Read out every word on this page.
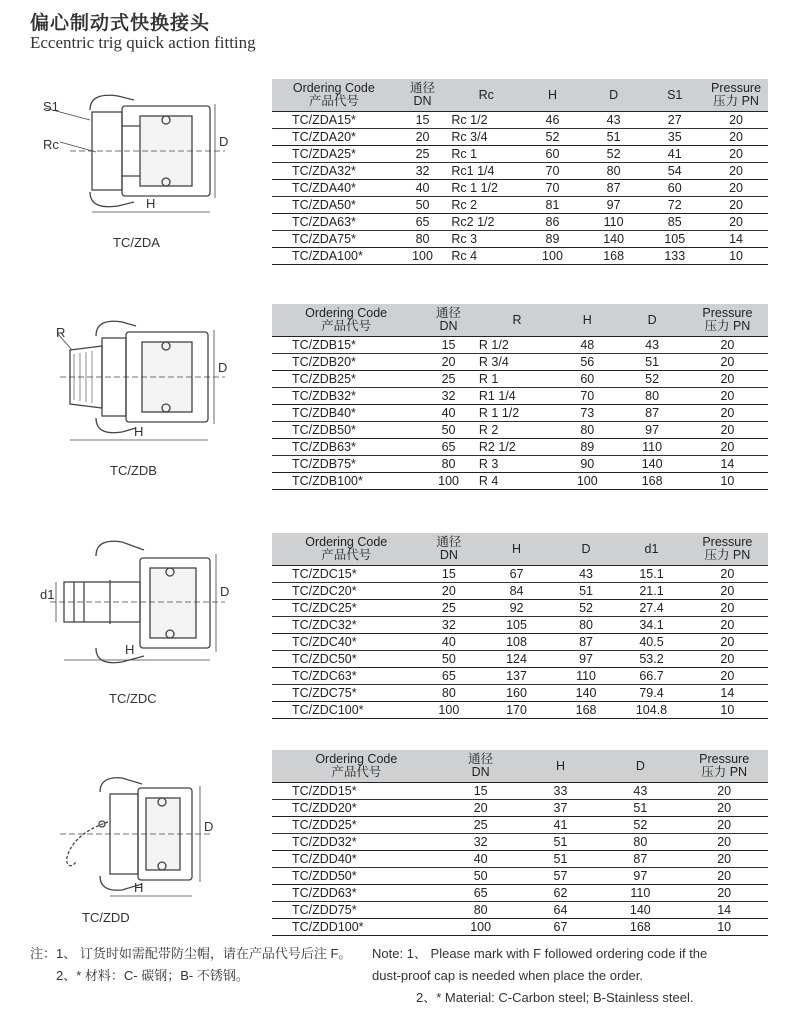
偏心制动式快换接头
Eccentric trig quick action fitting
S1
Rc	D
H
TC/ZDA
Ordering Code
产品代号	通径
DN	Rc	H	D	S1	Pressure
压力 PN

TC/ZDA15*	15	Rc 1/2	46	43	27	20
TC/ZDA20*	20	Rc 3/4	52	51	35	20
TC/ZDA25*	25	Rc 1	60	52	41	20
TC/ZDA32*	32	Rc1 1/4	70	80	54	20
TC/ZDA40*	40	Rc 1 1/2	70	87	60	20
TC/ZDA50*	50	Rc 2	81	97	72	20
TC/ZDA63*	65	Rc2 1/2	86	110	85	20
TC/ZDA75*	80	Rc 3	89	140	105	14
TC/ZDA100*	100	Rc 4	100	168	133	10
R
D
H
TC/ZDB
Ordering Code
产品代号	通径
DN	R	H	D	Pressure
压力 PN

TC/ZDB15*	15	R 1/2	48	43	20
TC/ZDB20*	20	R 3/4	56	51	20
TC/ZDB25*	25	R 1	60	52	20
TC/ZDB32*	32	R1 1/4	70	80	20
TC/ZDB40*	40	R 1 1/2	73	87	20
TC/ZDB50*	50	R 2	80	97	20
TC/ZDB63*	65	R2 1/2	89	110	20
TC/ZDB75*	80	R 3	90	140	14
TC/ZDB100*	100	R 4	100	168	10
d1	D
H
TC/ZDC
Ordering Code
产品代号	通径
DN	H	D	d1	Pressure
压力 PN

TC/ZDC15*	15	67	43	15.1	20
TC/ZDC20*	20	84	51	21.1	20
TC/ZDC25*	25	92	52	27.4	20
TC/ZDC32*	32	105	80	34.1	20
TC/ZDC40*	40	108	87	40.5	20
TC/ZDC50*	50	124	97	53.2	20
TC/ZDC63*	65	137	110	66.7	20
TC/ZDC75*	80	160	140	79.4	14
TC/ZDC100*	100	170	168	104.8	10
D
H
TC/ZDD
Ordering Code
产品代号	通径
DN	H	D	Pressure
压力 PN

TC/ZDD15*	15	33	43	20
TC/ZDD20*	20	37	51	20
TC/ZDD25*	25	41	52	20
TC/ZDD32*	32	51	80	20
TC/ZDD40*	40	51	87	20
TC/ZDD50*	50	57	97	20
TC/ZDD63*	65	62	110	20
TC/ZDD75*	80	64	140	14
TC/ZDD100*	100	67	168	10
注：1、 订货时如需配带防尘帽，请在产品代号后注 F。
2、* 材料：C- 碳钢；B- 不锈钢。
Note: 1、 Please mark with F followed ordering code if the
dust-proof cap is needed when place the order.
2、* Material: C-Carbon steel; B-Stainless steel.
